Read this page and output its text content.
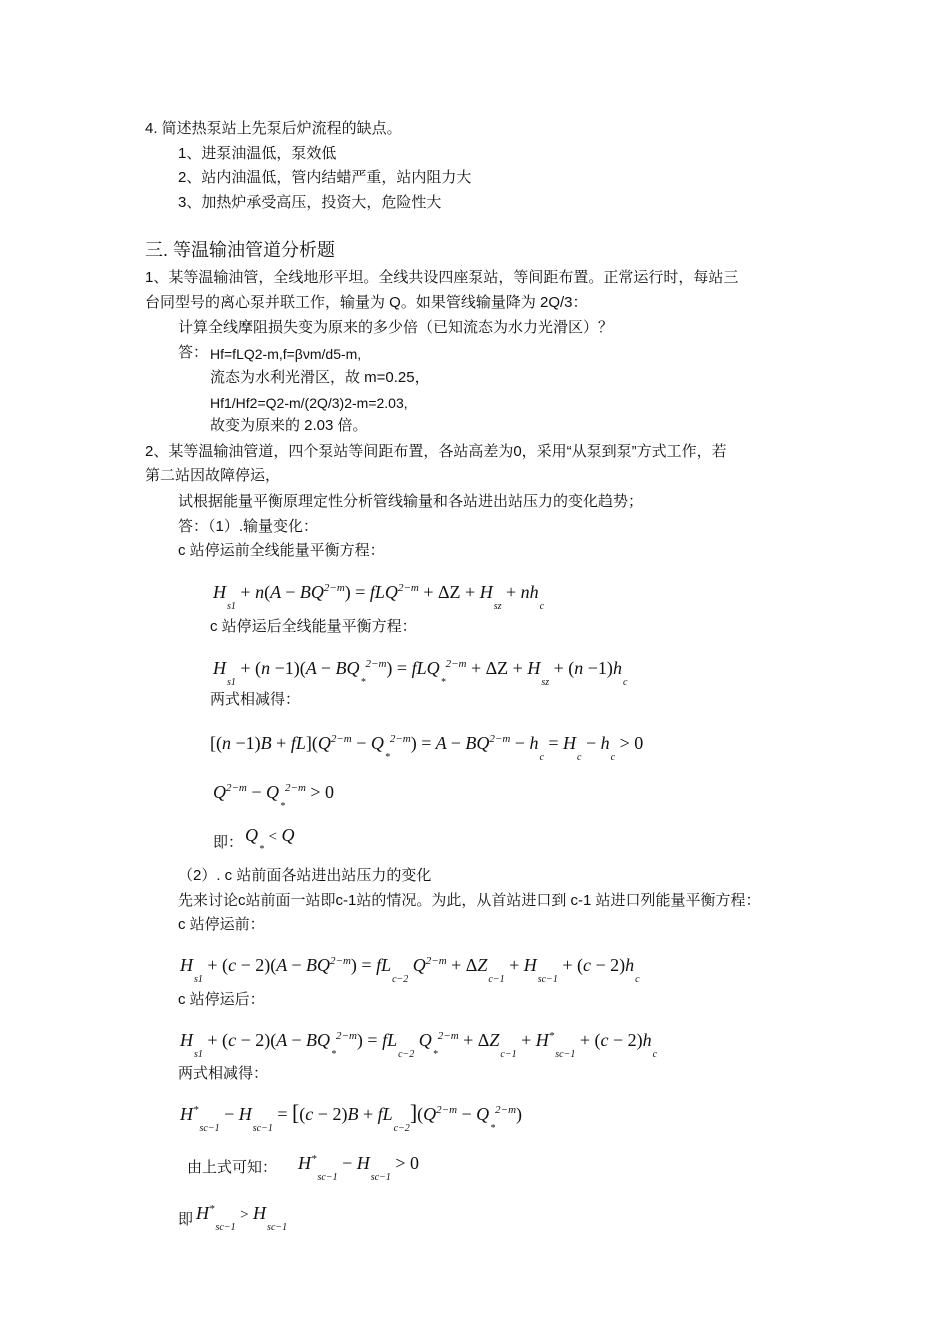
4. 简述热泵站上先泵后炉流程的缺点。
1、进泵油温低，泵效低
2、站内油温低，管内结蜡严重，站内阻力大
3、加热炉承受高压，投资大，危险性大
三. 等温输油管道分析题
1、某等温输油管，全线地形平坦。全线共设四座泵站，等间距布置。正常运行时，每站三
台同型号的离心泵并联工作，输量为 Q。如果管线输量降为 2Q/3：
计算全线摩阻损失变为原来的多少倍（已知流态为水力光滑区）？
答： Hf=fLQ2-m,f=βνm/d5-m,
流态为水利光滑区，故 m=0.25，
Hf1/Hf2=Q2-m/(2Q/3)2-m=2.03,
故变为原来的 2.03 倍。
2、某等温输油管道，四个泵站等间距布置，各站高差为0，采用“从泵到泵”方式工作，若
第二站因故障停运，
试根据能量平衡原理定性分析管线输量和各站进出站压力的变化趋势；
答：（1）.输量变化：
c 站停运前全线能量平衡方程：
$H_{s1} + n(A - BQ^{2-m}) = fLQ^{2-m} + \Delta Z + H_{sz} + nh_c$
c 站停运后全线能量平衡方程：
$H_{s1} + (n -1)(A - BQ_*^{2-m}) = fLQ_*^{2-m} + \Delta Z + H_{sz} + (n -1)h_c$
两式相减得：
$[(n -1)B + fL](Q^{2-m} - Q_*^{2-m}) = A - BQ^{2-m} - h_c = H_c - h_c > 0$
$Q^{2-m} - Q_*^{2-m} > 0$
即： $Q_* < Q$
（2）. c 站前面各站进出站压力的变化
先来讨论c站前面一站即c-1站的情况。为此，从首站进口到 c-1 站进口列能量平衡方程：
c 站停运前：
$H_{s1} + (c - 2)(A - BQ^{2-m}) = fL_{c-2}$ $Q^{2-m} + \Delta Z_{c-1} + H_{sc-1} + (c - 2)h_c$
c 站停运后：
$H_{s1} + (c - 2)(A - BQ_*^{2-m}) = fL_{c-2}$ $Q_*^{2-m} + \Delta Z_{c-1} + H^*_{sc-1} + (c - 2)h_c$
两式相减得：
$H^*_{sc-1} - H_{sc-1} = [(c - 2)B + fL_{c-2}](Q^{2-m} - Q_*^{2-m})$
由上式可知： $H^*_{sc-1} - H_{sc-1} > 0$
即 $H^*_{sc-1} > H_{sc-1}$
